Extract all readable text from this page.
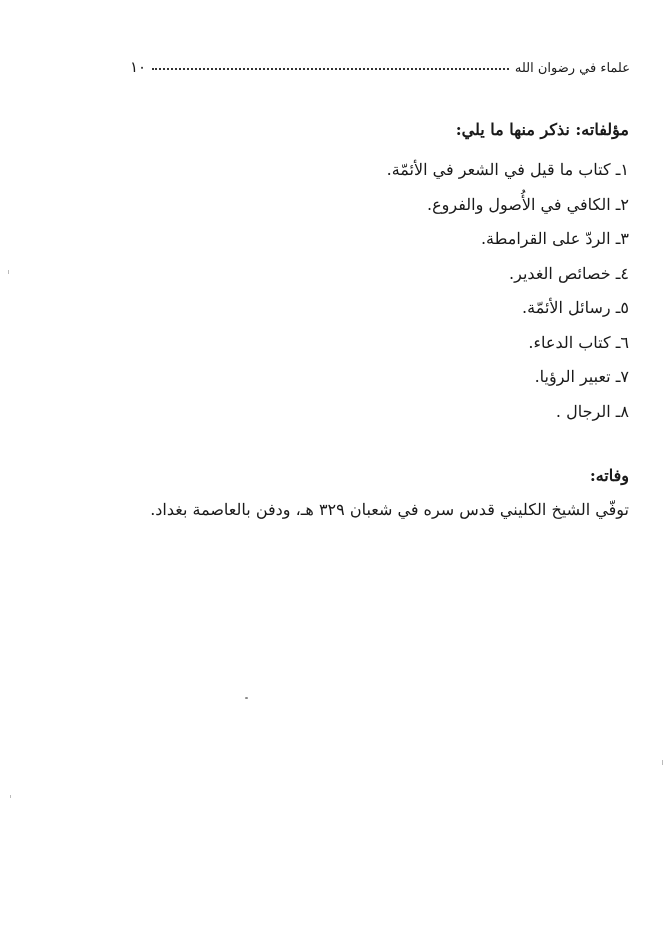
علماء في رضوان الله
١٠
مؤلفاته: نذكر منها ما يلي:
١ـ كتاب ما قيل في الشعر في الأئمّة.
٢ـ الكافي في الأُصول والفروع.
٣ـ الردّ على القرامطة.
٤ـ خصائص الغدير.
٥ـ رسائل الأئمّة.
٦ـ كتاب الدعاء.
٧ـ تعبير الرؤيا.
٨ـ الرجال .
وفاته:
توفّي الشيخ الكليني قدس سره في شعبان ٣٢٩ هـ، ودفن بالعاصمة بغداد.
